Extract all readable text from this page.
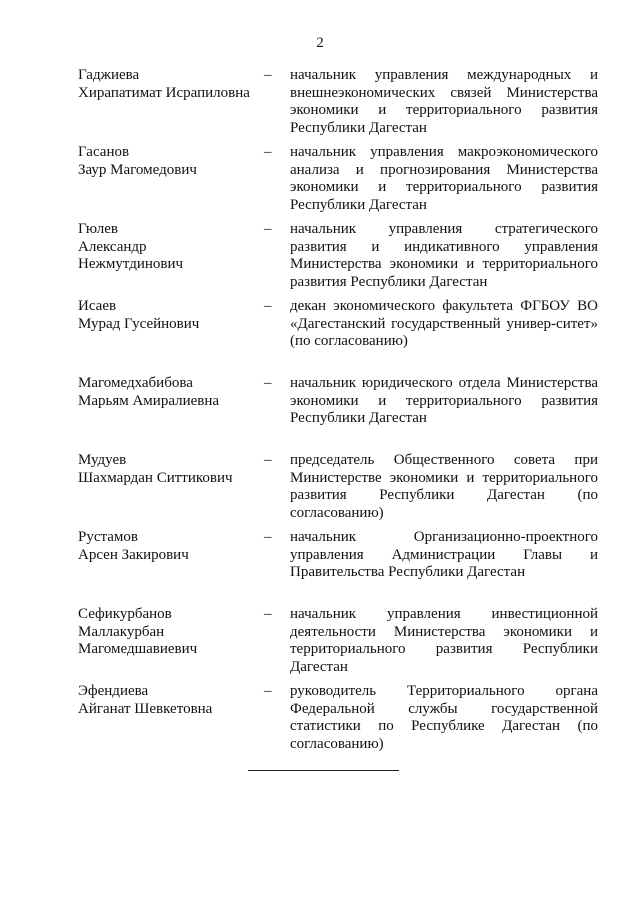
2
Гаджиева
Хирапатимат Исрапиловна
– начальник управления международных и внешнеэкономических связей Министерства экономики и территориального развития Республики Дагестан
Гасанов
Заур Магомедович
– начальник управления макроэкономического анализа и прогнозирования Министерства экономики и территориального развития Республики Дагестан
Гюлев
Александр
Нежмутдинович
– начальник управления стратегического развития и индикативного управления Министерства экономики и территориального развития Республики Дагестан
Исаев
Мурад Гусейнович
– декан экономического факультета ФГБОУ ВО «Дагестанский государственный универ-ситет» (по согласованию)
Магомедхабибова
Марьям Амиралиевна
– начальник юридического отдела Министерства экономики и территориального развития Республики Дагестан
Мудуев
Шахмардан Ситтикович
– председатель Общественного совета при Министерстве экономики и территориального развития Республики Дагестан (по согласованию)
Рустамов
Арсен Закирович
– начальник Организационно-проектного управления Администрации Главы и Правительства Республики Дагестан
Сефикурбанов
Маллакурбан
Магомедшавиевич
– начальник управления инвестиционной деятельности Министерства экономики и территориального развития Республики Дагестан
Эфендиева
Айганат Шевкетовна
– руководитель Территориального органа Федеральной службы государственной статистики по Республике Дагестан (по согласованию)
